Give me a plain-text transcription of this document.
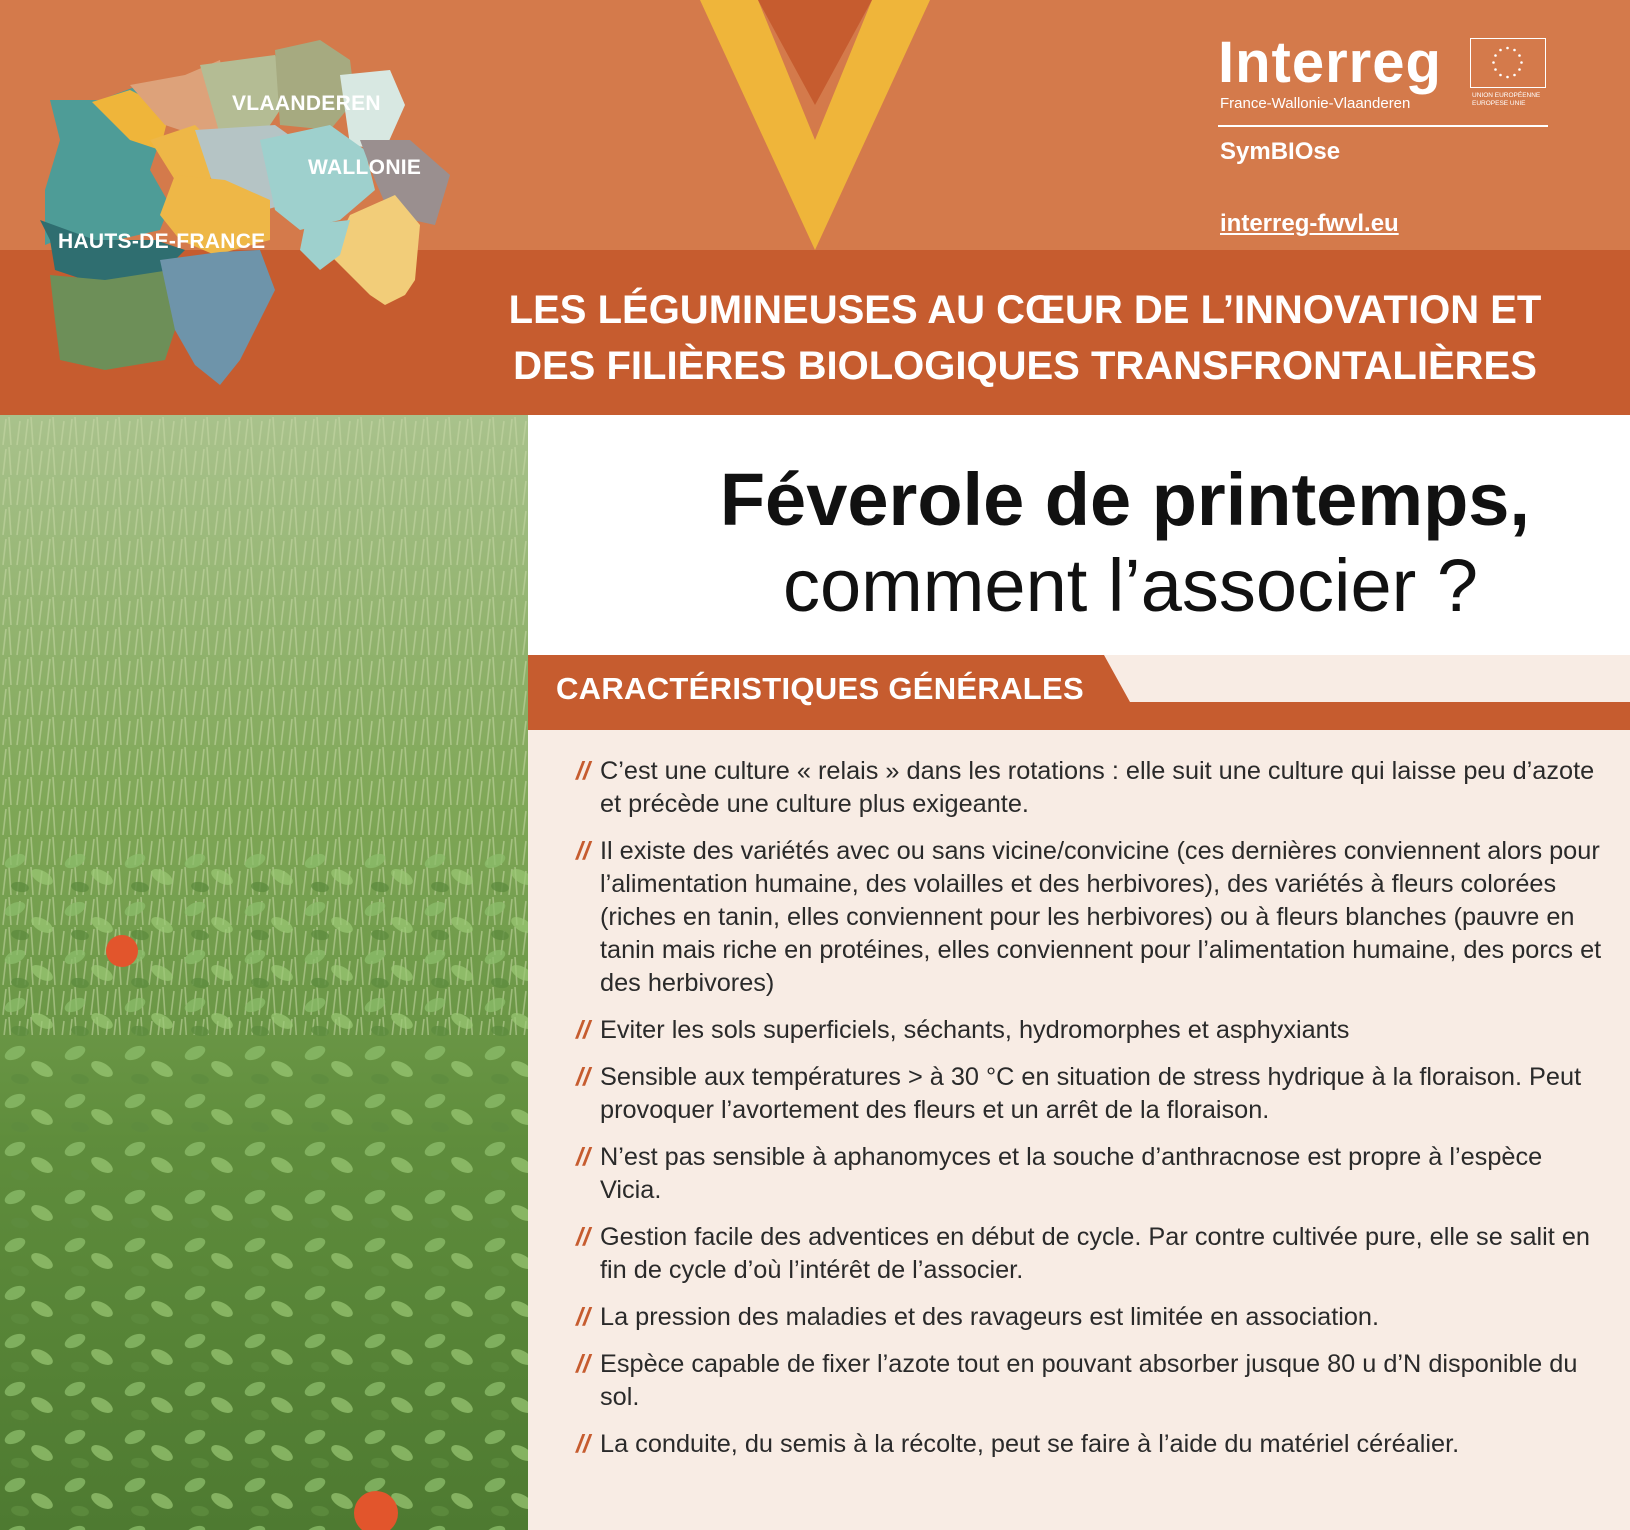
VLAANDEREN
WALLONIE
HAUTS-DE-FRANCE
Interreg
France-Wallonie-Vlaanderen	UNION EUROPÉENNE
EUROPESE UNIE
SymBIOse
interreg-fwvl.eu
LES LÉGUMINEUSES AU CŒUR DE L’INNOVATION ET
DES FILIÈRES BIOLOGIQUES TRANSFRONTALIÈRES
Féverole de printemps,
comment l’associer ?
CARACTÉRISTIQUES GÉNÉRALES
// C’est une culture « relais » dans les rotations : elle suit une culture qui laisse peu d’azote et précède une culture plus exigeante.
// Il existe des variétés avec ou sans vicine/convicine (ces dernières conviennent alors pour l’alimentation humaine, des volailles et des herbivores), des variétés à fleurs colorées (riches en tanin, elles conviennent pour les herbivores) ou à fleurs blanches (pauvre en tanin mais riche en protéines, elles conviennent pour l’alimentation humaine, des porcs et des herbivores)
// Eviter les sols superficiels, séchants, hydromorphes et asphyxiants
// Sensible aux températures > à 30 °C en situation de stress hydrique à la floraison. Peut provoquer l’avortement des fleurs et un arrêt de la floraison.
// N’est pas sensible à aphanomyces et la souche d’anthracnose est propre à l’espèce Vicia.
// Gestion facile des adventices en début de cycle. Par contre cultivée pure, elle se salit en fin de cycle d’où l’intérêt de l’associer.
// La pression des maladies et des ravageurs est limitée en association.
// Espèce capable de fixer l’azote tout en pouvant absorber jusque 80 u d’N disponible du sol.
// La conduite, du semis à la récolte, peut se faire à l’aide du matériel céréalier.
